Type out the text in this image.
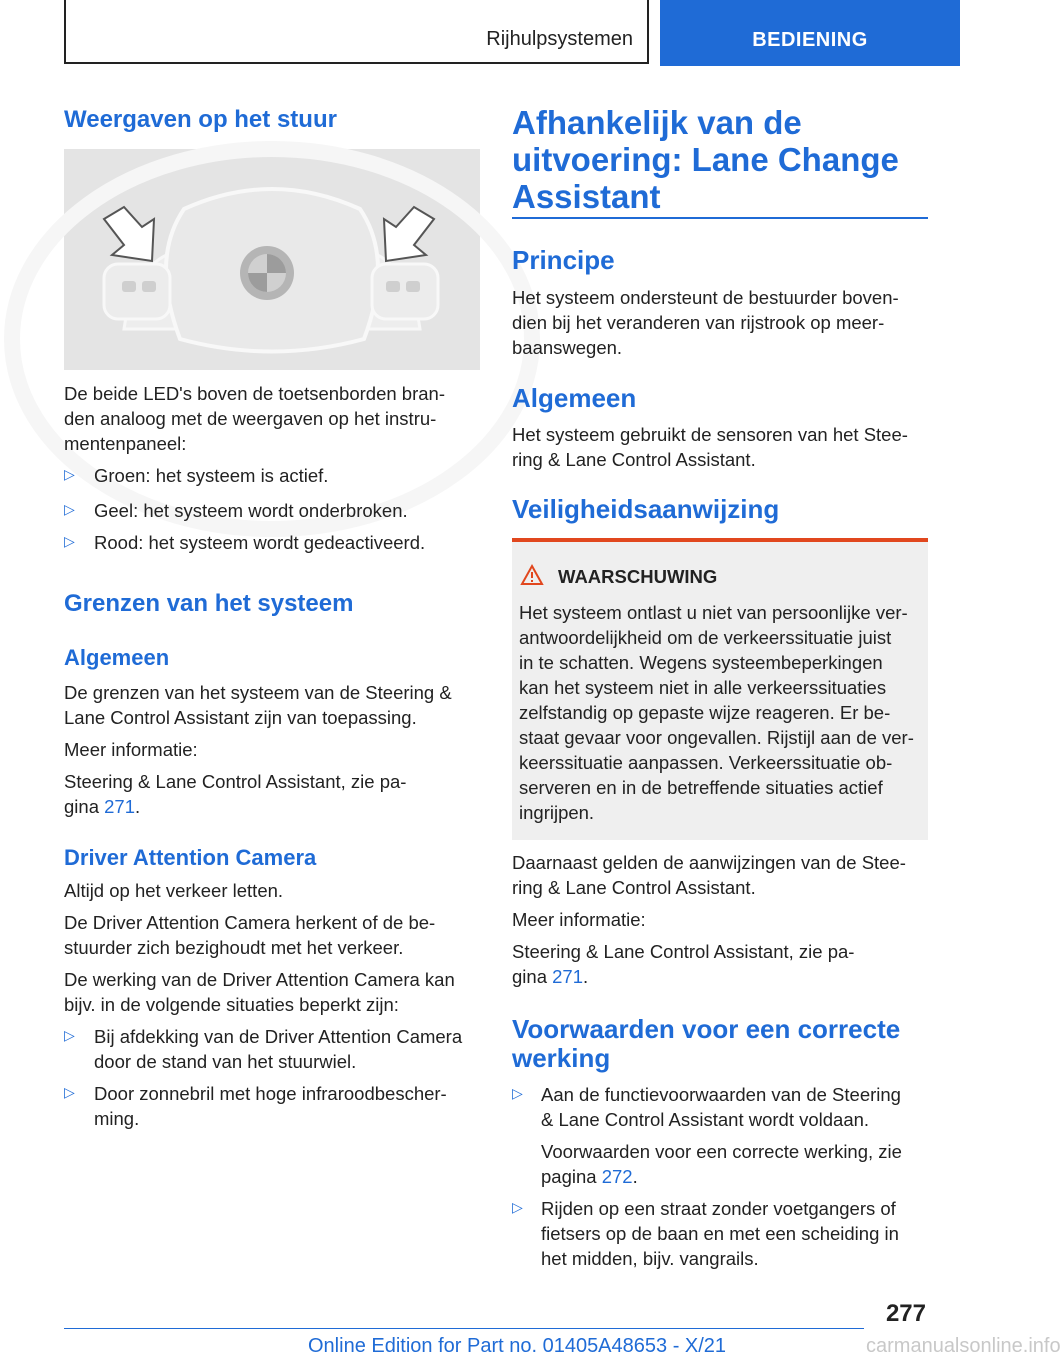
Rijhulpsystemen	BEDIENING
Weergaven op het stuur

De beide LED's boven de toetsenborden bran-

den analoog met de weergaven op het instru-

mentenpaneel:

▷ Groen: het systeem is actief.

▷ Geel: het systeem wordt onderbroken.

▷ Rood: het systeem wordt gedeactiveerd.

Grenzen van het systeem
Algemeen

De grenzen van het systeem van de Steering &

Lane Control Assistant zijn van toepassing.

Meer informatie:

Steering & Lane Control Assistant, zie pa-

gina 271.

Driver Attention Camera

Altijd op het verkeer letten.

De Driver Attention Camera herkent of de be-

stuurder zich bezighoudt met het verkeer.

De werking van de Driver Attention Camera kan

bijv. in de volgende situaties beperkt zijn:

▷ Bij afdekking van de Driver Attention Camera

door de stand van het stuurwiel.

▷ Door zonnebril met hoge infraroodbescher-

ming.

Afhankelijk van de
uitvoering: Lane Change
Assistant
Principe

Het systeem ondersteunt de bestuurder boven-

dien bij het veranderen van rijstrook op meer-

baanswegen.

Algemeen

Het systeem gebruikt de sensoren van het Stee-

ring & Lane Control Assistant.

Veiligheidsaanwijzing
WAARSCHUWING

Het systeem ontlast u niet van persoonlijke ver-

antwoordelijkheid om de verkeerssituatie juist

in te schatten. Wegens systeembeperkingen

kan het systeem niet in alle verkeerssituaties

zelfstandig op gepaste wijze reageren. Er be-

staat gevaar voor ongevallen. Rijstijl aan de ver-

keerssituatie aanpassen. Verkeerssituatie ob-

serveren en in de betreffende situaties actief

ingrijpen.

Daarnaast gelden de aanwijzingen van de Stee-

ring & Lane Control Assistant.

Meer informatie:

Steering & Lane Control Assistant, zie pa-

gina 271.

Voorwaarden voor een correcte
werking
▷ Aan de functievoorwaarden van de Steering

& Lane Control Assistant wordt voldaan.

Voorwaarden voor een correcte werking, zie

pagina 272.

▷ Rijden op een straat zonder voetgangers of

fietsers op de baan en met een scheiding in

het midden, bijv. vangrails.

277
Online Edition for Part no. 01405A48653 - X/21	carmanualsonline.info
